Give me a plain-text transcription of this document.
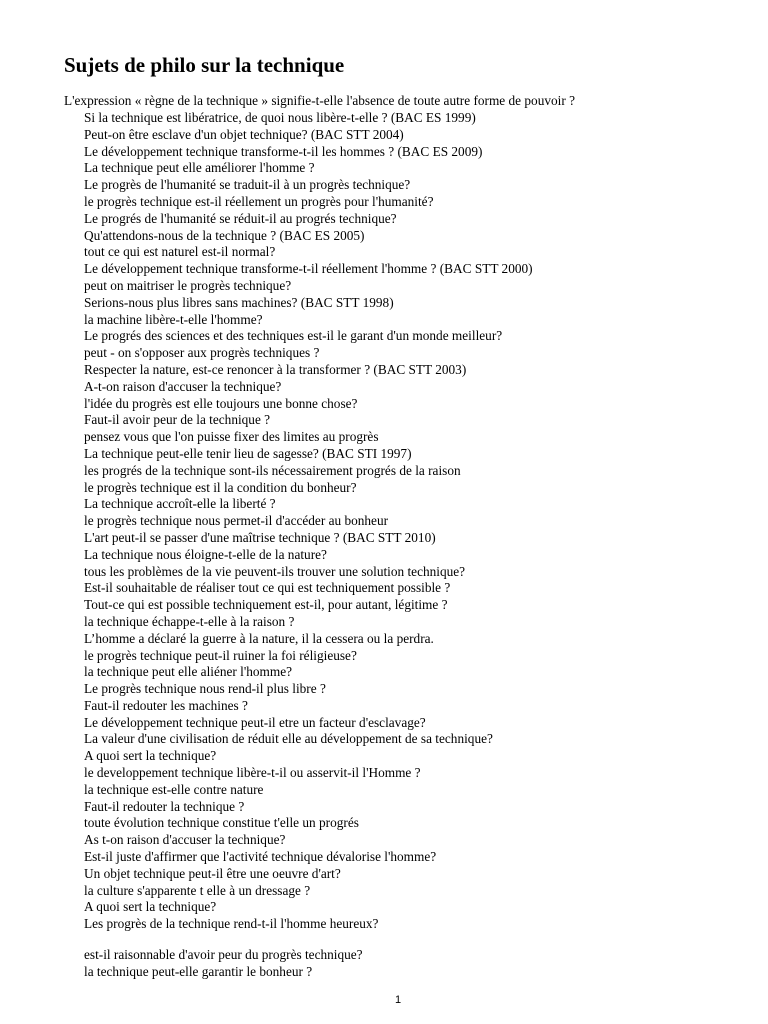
Sujets de philo sur la technique
L'expression « règne de la technique » signifie-t-elle l'absence de toute autre forme de pouvoir ?
Si la technique est libératrice, de quoi nous libère-t-elle ? (BAC ES 1999)
Peut-on être esclave d'un objet technique? (BAC STT 2004)
Le développement technique transforme-t-il les hommes ? (BAC ES 2009)
La technique peut elle améliorer l'homme ?
Le progrès de l'humanité se traduit-il à un progrès technique?
le progrès technique est-il réellement un progrès pour l'humanité?
Le progrés de l'humanité se réduit-il au progrés technique?
Qu'attendons-nous de la technique ? (BAC ES 2005)
tout ce qui est naturel est-il normal?
Le développement technique transforme-t-il réellement l'homme ? (BAC STT 2000)
peut on maitriser le progrès technique?
Serions-nous plus libres sans machines? (BAC STT 1998)
la machine libère-t-elle l'homme?
Le progrés des sciences et des techniques est-il le garant d'un monde meilleur?
peut - on s'opposer aux progrès techniques ?
Respecter la nature, est-ce renoncer à la transformer ? (BAC STT 2003)
A-t-on raison d'accuser la technique?
l'idée du progrès est elle toujours une bonne chose?
Faut-il avoir peur de la technique ?
pensez vous que l'on puisse fixer des limites au progrès
La technique peut-elle tenir lieu de sagesse? (BAC STI 1997)
les progrés de la technique sont-ils nécessairement progrés de la raison
le progrès technique est il la condition du bonheur?
La technique accroît-elle la liberté ?
le progrès technique nous permet-il d'accéder au bonheur
L'art peut-il se passer d'une maîtrise technique ? (BAC STT 2010)
La technique nous éloigne-t-elle de la nature?
tous les problèmes de la vie peuvent-ils trouver une solution technique?
Est-il souhaitable de réaliser tout ce qui est techniquement possible ?
Tout-ce qui est possible techniquement est-il, pour autant, légitime ?
la technique échappe-t-elle à la raison ?
L’homme a déclaré la guerre à la nature, il la cessera ou la perdra.
le progrès technique peut-il ruiner la foi réligieuse?
la technique peut elle aliéner l'homme?
Le progrès technique nous rend-il plus libre ?
Faut-il redouter les machines ?
Le développement technique peut-il etre un facteur d'esclavage?
La valeur d'une civilisation de réduit elle au développement de sa technique?
A quoi sert la technique?
le developpement technique libère-t-il ou asservit-il l'Homme ?
la technique est-elle contre nature
Faut-il redouter la technique ?
toute évolution technique constitue t'elle un progrés
As t-on raison d'accuser la technique?
Est-il juste d'affirmer que l'activité technique dévalorise l'homme?
Un objet technique peut-il être une oeuvre d'art?
la culture s'apparente t elle à un dressage ?
A quoi sert la technique?
Les progrès de la technique rend-t-il l'homme heureux?
est-il raisonnable d'avoir peur du progrès technique?
la technique peut-elle garantir le bonheur ?
1
